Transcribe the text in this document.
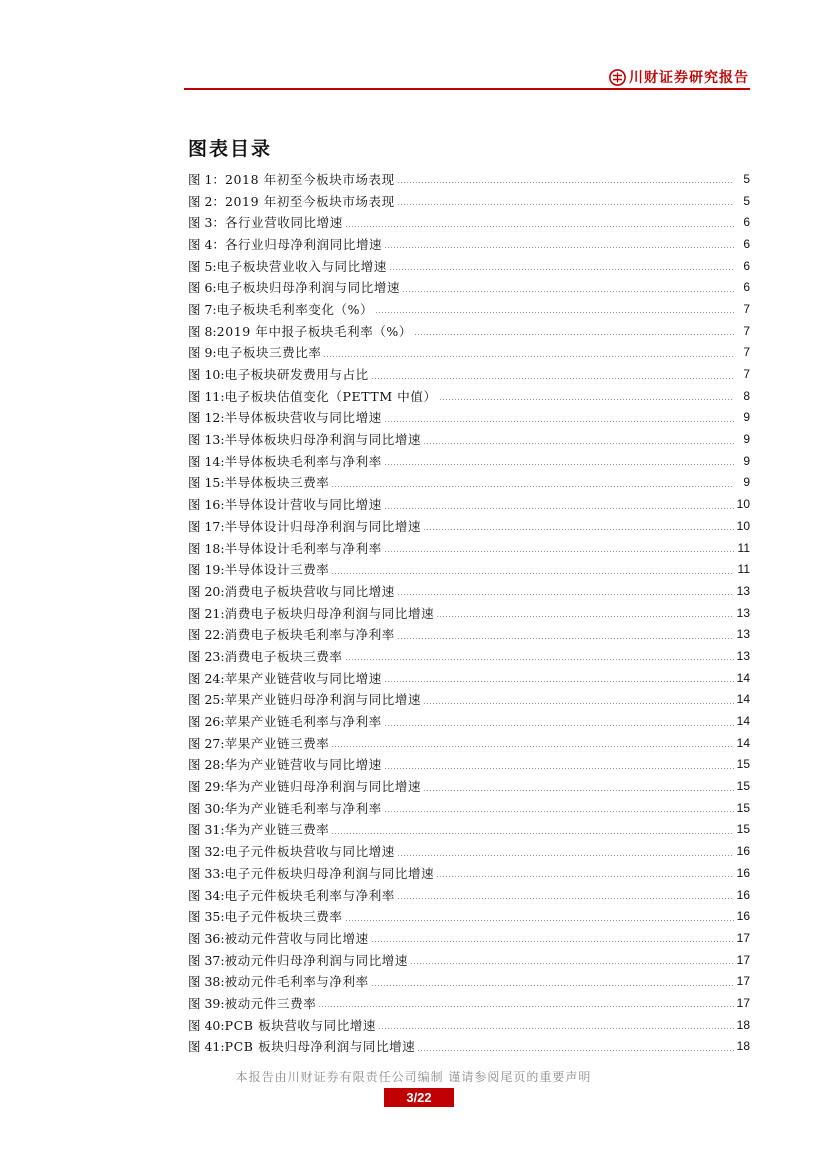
川财证券研究报告
图表目录
图 1： 2018 年初至今板块市场表现	5
图 2： 2019 年初至今板块市场表现	5
图 3： 各行业营收同比增速	6
图 4： 各行业归母净利润同比增速	6
图 5: 电子板块营业收入与同比增速	6
图 6: 电子板块归母净利润与同比增速	6
图 7: 电子板块毛利率变化（%）	7
图 8: 2019 年中报子板块毛利率（%）	7
图 9: 电子板块三费比率	7
图 10: 电子板块研发费用与占比	7
图 11: 电子板块估值变化（PETTM 中值）	8
图 12: 半导体板块营收与同比增速	9
图 13: 半导体板块归母净利润与同比增速	9
图 14: 半导体板块毛利率与净利率	9
图 15: 半导体板块三费率	9
图 16: 半导体设计营收与同比增速	10
图 17: 半导体设计归母净利润与同比增速	10
图 18: 半导体设计毛利率与净利率	11
图 19: 半导体设计三费率	11
图 20: 消费电子板块营收与同比增速	13
图 21: 消费电子板块归母净利润与同比增速	13
图 22: 消费电子板块毛利率与净利率	13
图 23: 消费电子板块三费率	13
图 24: 苹果产业链营收与同比增速	14
图 25: 苹果产业链归母净利润与同比增速	14
图 26: 苹果产业链毛利率与净利率	14
图 27: 苹果产业链三费率	14
图 28: 华为产业链营收与同比增速	15
图 29: 华为产业链归母净利润与同比增速	15
图 30: 华为产业链毛利率与净利率	15
图 31: 华为产业链三费率	15
图 32: 电子元件板块营收与同比增速	16
图 33: 电子元件板块归母净利润与同比增速	16
图 34: 电子元件板块毛利率与净利率	16
图 35: 电子元件板块三费率	16
图 36: 被动元件营收与同比增速	17
图 37: 被动元件归母净利润与同比增速	17
图 38: 被动元件毛利率与净利率	17
图 39: 被动元件三费率	17
图 40: PCB 板块营收与同比增速	18
图 41: PCB 板块归母净利润与同比增速	18
本报告由川财证券有限责任公司编制 谨请参阅尾页的重要声明
3/22
